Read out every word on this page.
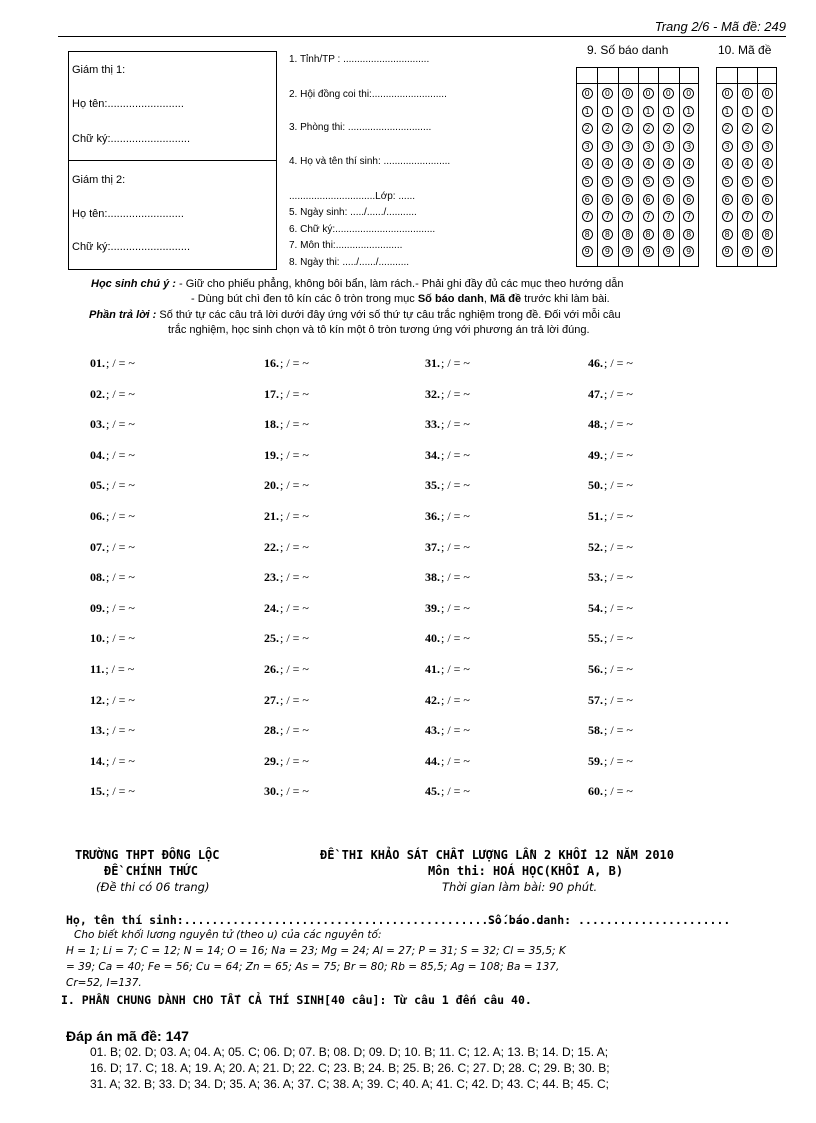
Trang 2/6 - Mã đề: 249
Giám thị 1:
Họ tên:.........................
Chữ ký:..........................
Giám thị 2:
Họ tên:.........................
Chữ ký:..........................
1. Tỉnh/TP : ...............................
2. Hội đồng coi thi:...........................
3. Phòng thi: ..............................
4. Họ và tên thí sinh: ........................
...............................Lớp: ......
5. Ngày sinh: ...../....../...........
6. Chữ ký:....................................
7. Môn thi:........................
8. Ngày thi: ...../....../...........
9. Số báo danh	10. Mã đề
0
1
2
3
4
5
6
7
8
9
0
1
2
3
4
5
6
7
8
9
0
1
2
3
4
5
6
7
8
9
0
1
2
3
4
5
6
7
8
9
0
1
2
3
4
5
6
7
8
9
0
1
2
3
4
5
6
7
8
9
0
1
2
3
4
5
6
7
8
9
0
1
2
3
4
5
6
7
8
9
0
1
2
3
4
5
6
7
8
9
Học sinh chú ý : - Giữ cho phiếu phẳng, không bôi bẩn, làm rách.- Phải ghi đầy đủ các mục theo hướng dẫn
- Dùng bút chì đen tô kín các ô tròn trong mục Số báo danh, Mã đề trước khi làm bài.
Phần trả lời : Số thứ tự các câu trả lời dưới đây ứng với số thứ tự câu trắc nghiệm trong đề. Đối với mỗi câu
trắc nghiệm, học sinh chọn và tô kín một ô tròn tương ứng với phương án trả lời đúng.
01.; / = ~
02.; / = ~
03.; / = ~
04.; / = ~
05.; / = ~
06.; / = ~
07.; / = ~
08.; / = ~
09.; / = ~
10.; / = ~
11.; / = ~
12.; / = ~
13.; / = ~
14.; / = ~
15.; / = ~
16.; / = ~
17.; / = ~
18.; / = ~
19.; / = ~
20.; / = ~
21.; / = ~
22.; / = ~
23.; / = ~
24.; / = ~
25.; / = ~
26.; / = ~
27.; / = ~
28.; / = ~
29.; / = ~
30.; / = ~
31.; / = ~
32.; / = ~
33.; / = ~
34.; / = ~
35.; / = ~
36.; / = ~
37.; / = ~
38.; / = ~
39.; / = ~
40.; / = ~
41.; / = ~
42.; / = ~
43.; / = ~
44.; / = ~
45.; / = ~
46.; / = ~
47.; / = ~
48.; / = ~
49.; / = ~
50.; / = ~
51.; / = ~
52.; / = ~
53.; / = ~
54.; / = ~
55.; / = ~
56.; / = ~
57.; / = ~
58.; / = ~
59.; / = ~
60.; / = ~
TRƯỜNG THPT ĐỒNG LỘC
ĐỀ CHÍNH THỨC
(Đề thi có 06 trang)
ĐỀ THI KHẢO SÁT CHẤT LƯỢNG LẦN 2 KHỐI 12 NĂM 2010
Môn thi: HOÁ HỌC(KHỐI A, B)
Thời gian làm bài: 90 phút.
Họ, tên thí sinh:....................................................
Số báo danh: ......................
Cho biết khối lương nguyên tử (theo u) của các nguyên tố:
H = 1; Li = 7; C = 12; N = 14; O = 16; Na = 23; Mg = 24; Al = 27; P = 31; S = 32; Cl = 35,5; K
= 39; Ca = 40; Fe = 56; Cu = 64; Zn = 65; As = 75; Br = 80; Rb = 85,5; Ag = 108; Ba = 137,
Cr=52, I=137.
I. PHẦN CHUNG DÀNH CHO TẤT CẢ THÍ SINH[40 câu]: Từ câu 1 đến câu 40.
Đáp án mã đề: 147
01. B; 02. D; 03. A; 04. A; 05. C; 06. D; 07. B; 08. D; 09. D; 10. B; 11. C; 12. A; 13. B; 14. D; 15. A;
16. D; 17. C; 18. A; 19. A; 20. A; 21. D; 22. C; 23. B; 24. B; 25. B; 26. C; 27. D; 28. C; 29. B; 30. B;
31. A; 32. B; 33. D; 34. D; 35. A; 36. A; 37. C; 38. A; 39. C; 40. A; 41. C; 42. D; 43. C; 44. B; 45. C;
